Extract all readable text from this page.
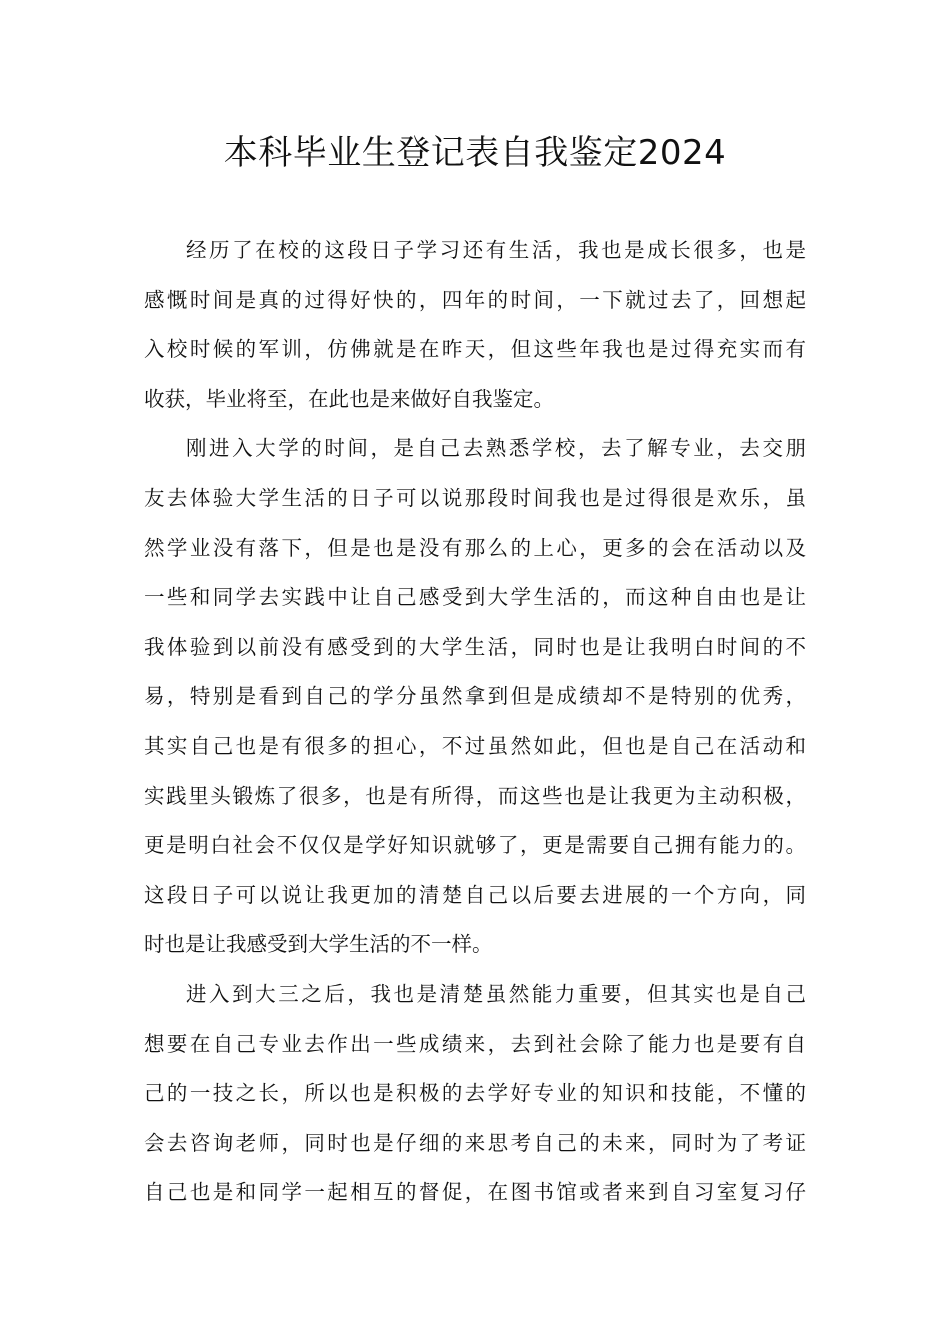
本科毕业生登记表自我鉴定2024

经历了在校的这段日子学习还有生活，我也是成长很多，也是
感慨时间是真的过得好快的，四年的时间，一下就过去了，回想起
入校时候的军训，仿佛就是在昨天，但这些年我也是过得充实而有
收获，毕业将至，在此也是来做好自我鉴定。

刚进入大学的时间，是自己去熟悉学校，去了解专业，去交朋
友去体验大学生活的日子可以说那段时间我也是过得很是欢乐，虽
然学业没有落下，但是也是没有那么的上心，更多的会在活动以及
一些和同学去实践中让自己感受到大学生活的，而这种自由也是让
我体验到以前没有感受到的大学生活，同时也是让我明白时间的不
易，特别是看到自己的学分虽然拿到但是成绩却不是特别的优秀，
其实自己也是有很多的担心，不过虽然如此，但也是自己在活动和
实践里头锻炼了很多，也是有所得，而这些也是让我更为主动积极，
更是明白社会不仅仅是学好知识就够了，更是需要自己拥有能力的。
这段日子可以说让我更加的清楚自己以后要去进展的一个方向，同
时也是让我感受到大学生活的不一样。

进入到大三之后，我也是清楚虽然能力重要，但其实也是自己
想要在自己专业去作出一些成绩来，去到社会除了能力也是要有自
己的一技之长，所以也是积极的去学好专业的知识和技能，不懂的
会去咨询老师，同时也是仔细的来思考自己的未来，同时为了考证
自己也是和同学一起相互的督促，在图书馆或者来到自习室复习仔
